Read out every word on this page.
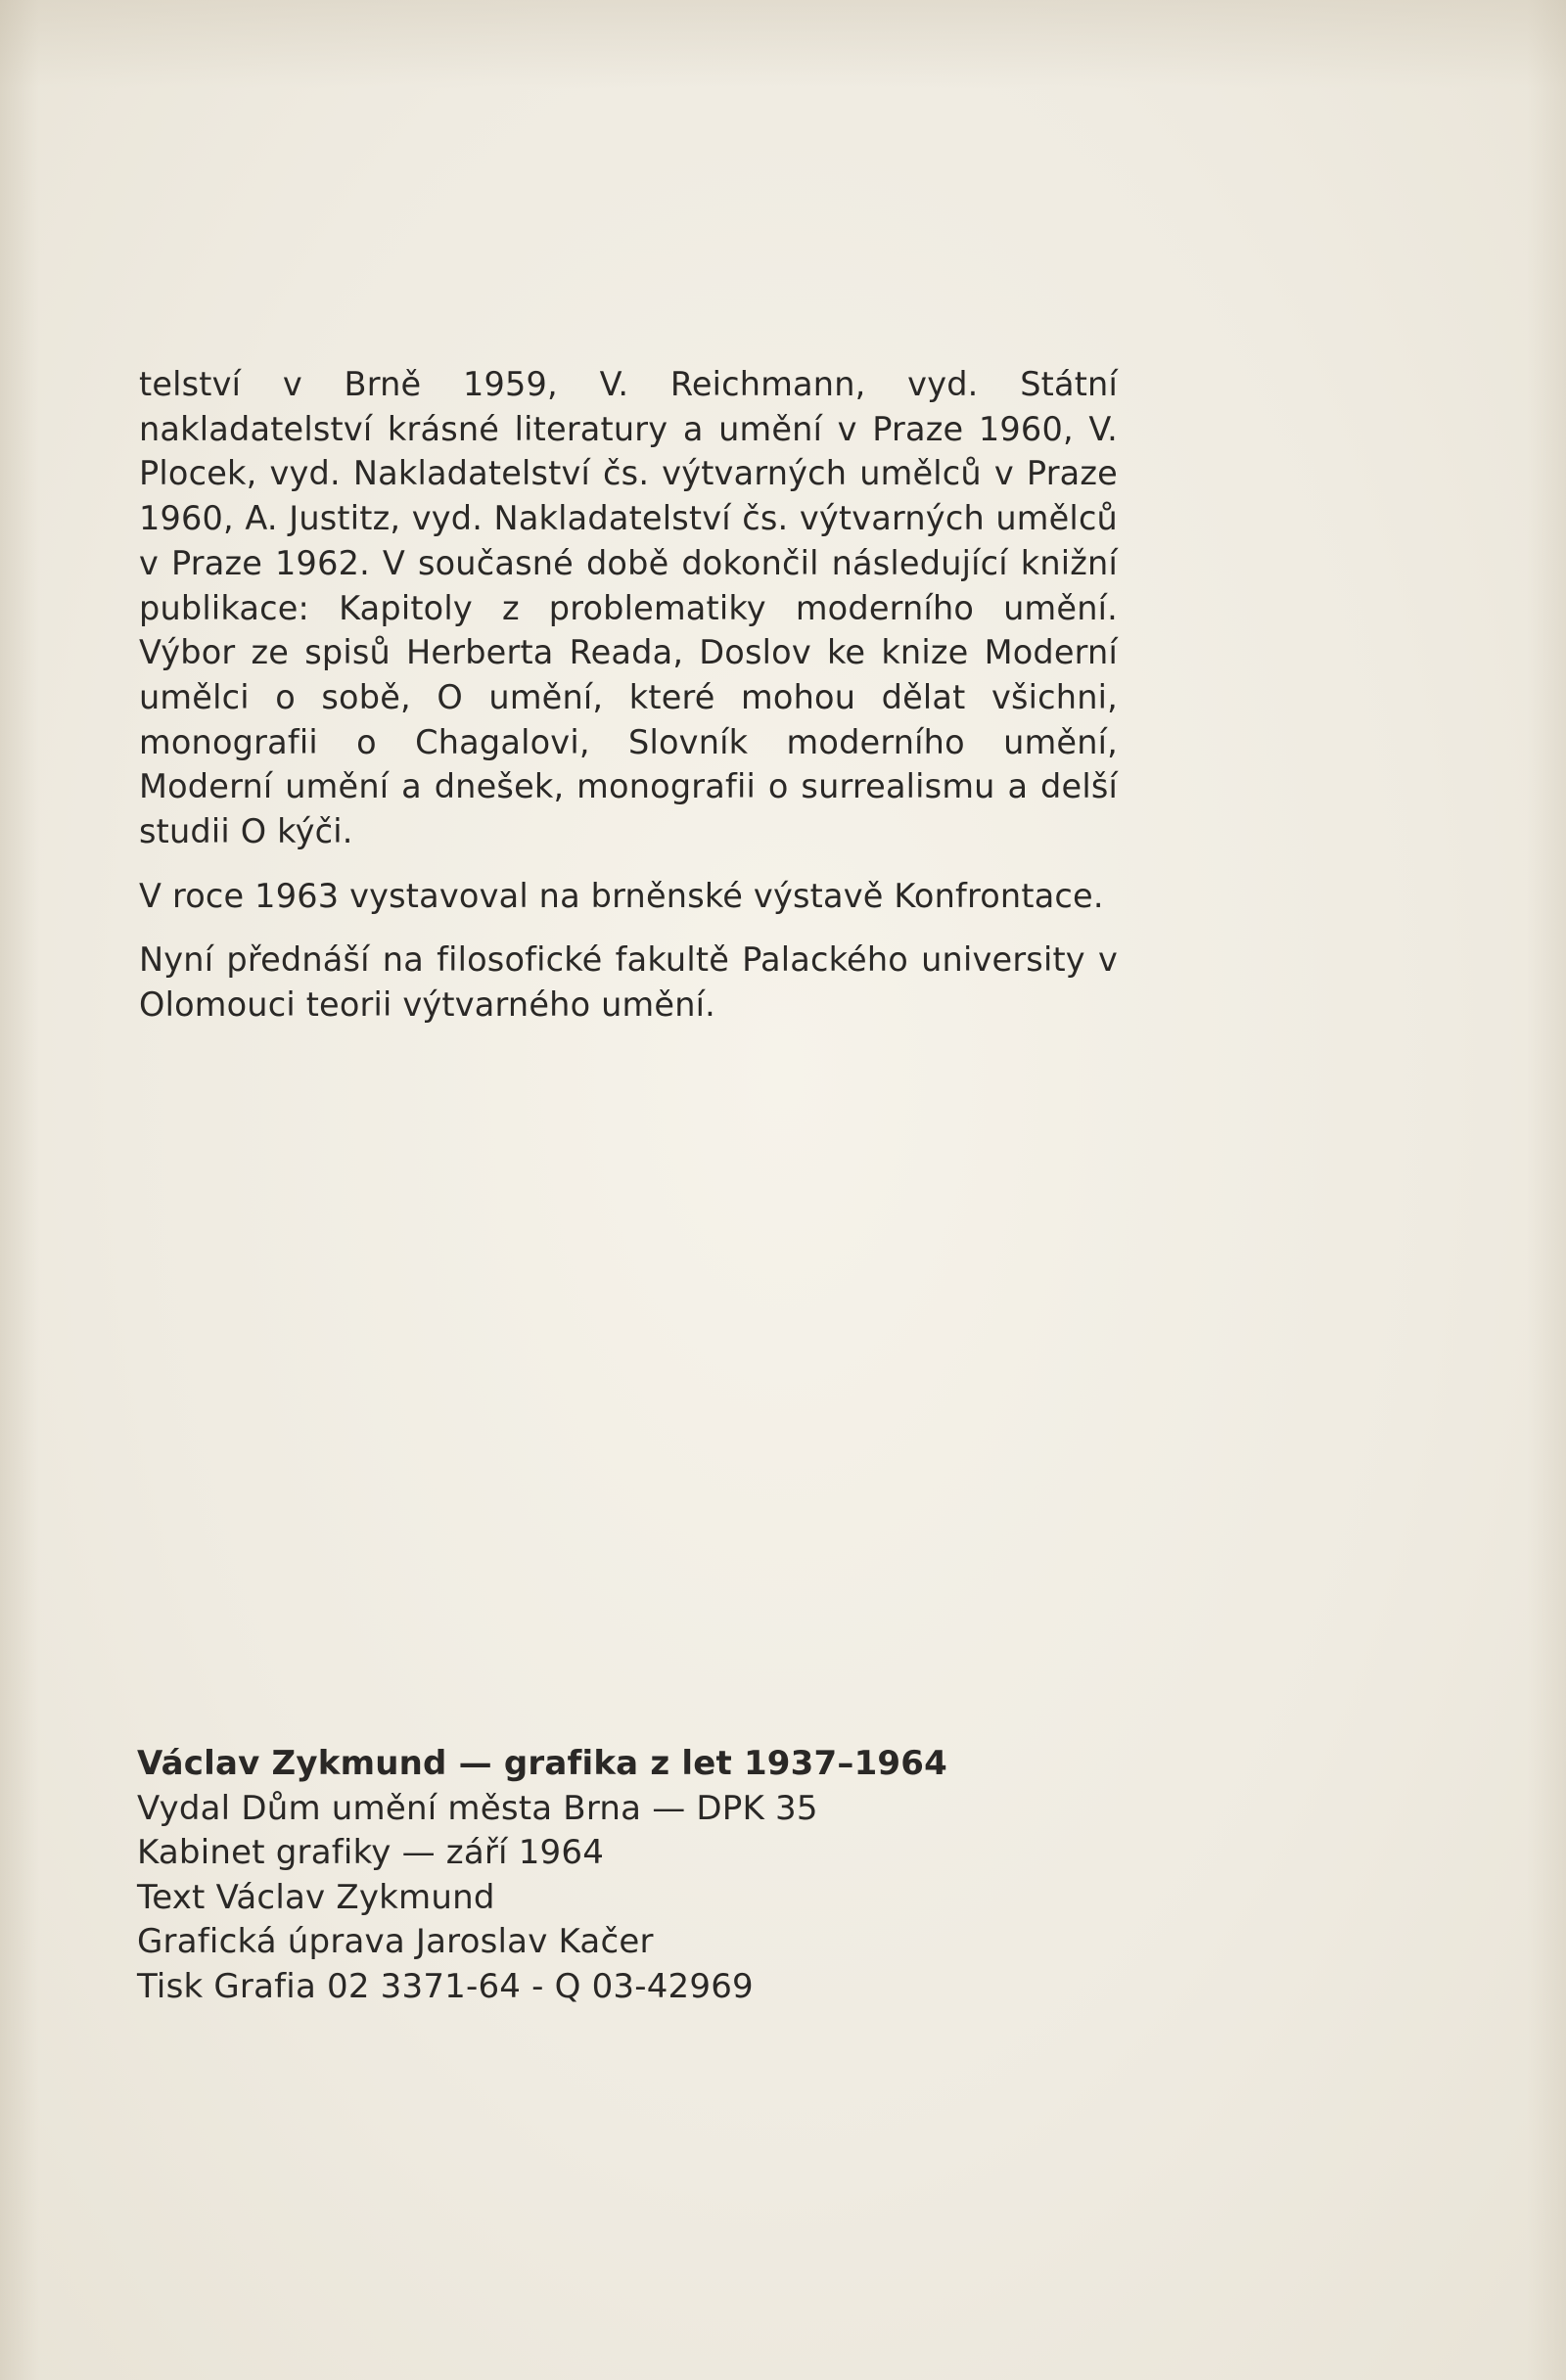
telství v Brně 1959, V. Reichmann, vyd. Státní nakladatelství krásné literatury a umění v Praze 1960, V. Plocek, vyd. Nakladatelství čs. výtvarných umělců v Praze 1960, A. Justitz, vyd. Nakladatelství čs. výtvarných umělců v Praze 1962. V současné době dokončil následující knižní publikace: Kapitoly z problematiky moderního umění. Výbor ze spisů Herberta Reada, Doslov ke knize Moderní umělci o sobě, O umění, které mohou dělat všichni, monografii o Chagalovi, Slovník moderního umění, Moderní umění a dnešek, monografii o surrealismu a delší studii O kýči.

V roce 1963 vystavoval na brněnské výstavě Konfrontace.

Nyní přednáší na filosofické fakultě Palackého university v Olomouci teorii výtvarného umění.

Václav Zykmund — grafika z let 1937–1964
Vydal Dům umění města Brna — DPK 35
Kabinet grafiky — září 1964
Text Václav Zykmund
Grafická úprava Jaroslav Kačer
Tisk Grafia 02 3371-64 - Q 03-42969
